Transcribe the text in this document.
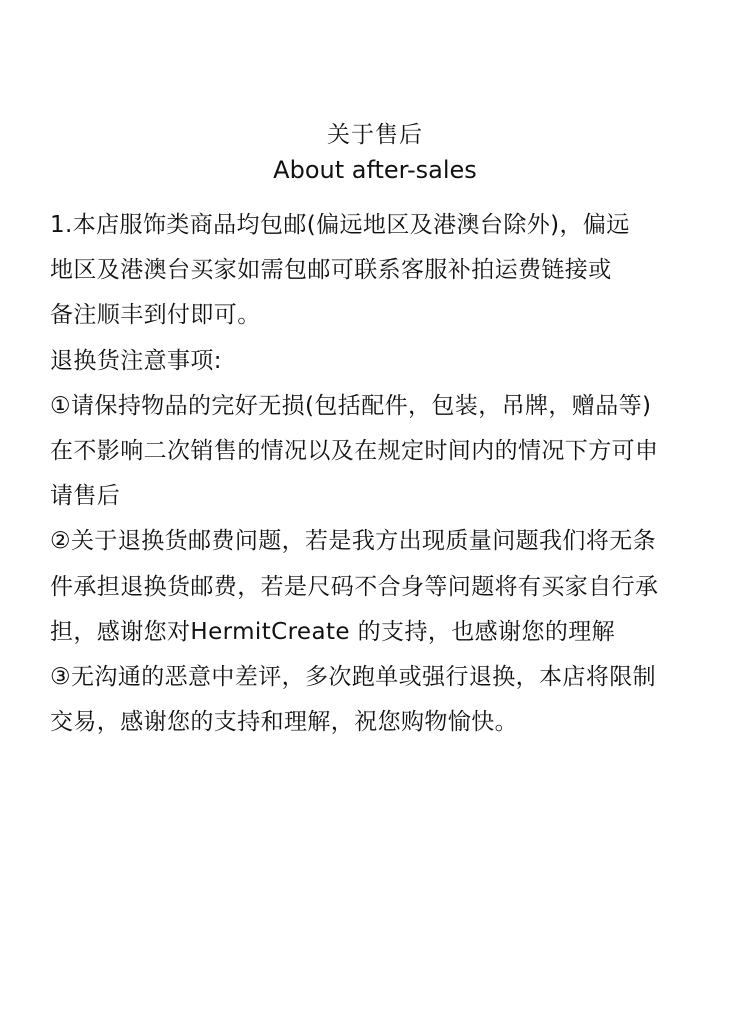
关于售后
About after-sales
1.本店服饰类商品均包邮(偏远地区及港澳台除外)，偏远
地区及港澳台买家如需包邮可联系客服补拍运费链接或
备注顺丰到付即可。
退换货注意事项:
①请保持物品的完好无损(包括配件，包装，吊牌，赠品等)
在不影响二次销售的情况以及在规定时间内的情况下方可申
请售后
②关于退换货邮费问题，若是我方出现质量问题我们将无条
件承担退换货邮费，若是尺码不合身等问题将有买家自行承
担，感谢您对HermitCreate 的支持，也感谢您的理解
③无沟通的恶意中差评，多次跑单或强行退换，本店将限制
交易，感谢您的支持和理解，祝您购物愉快。
